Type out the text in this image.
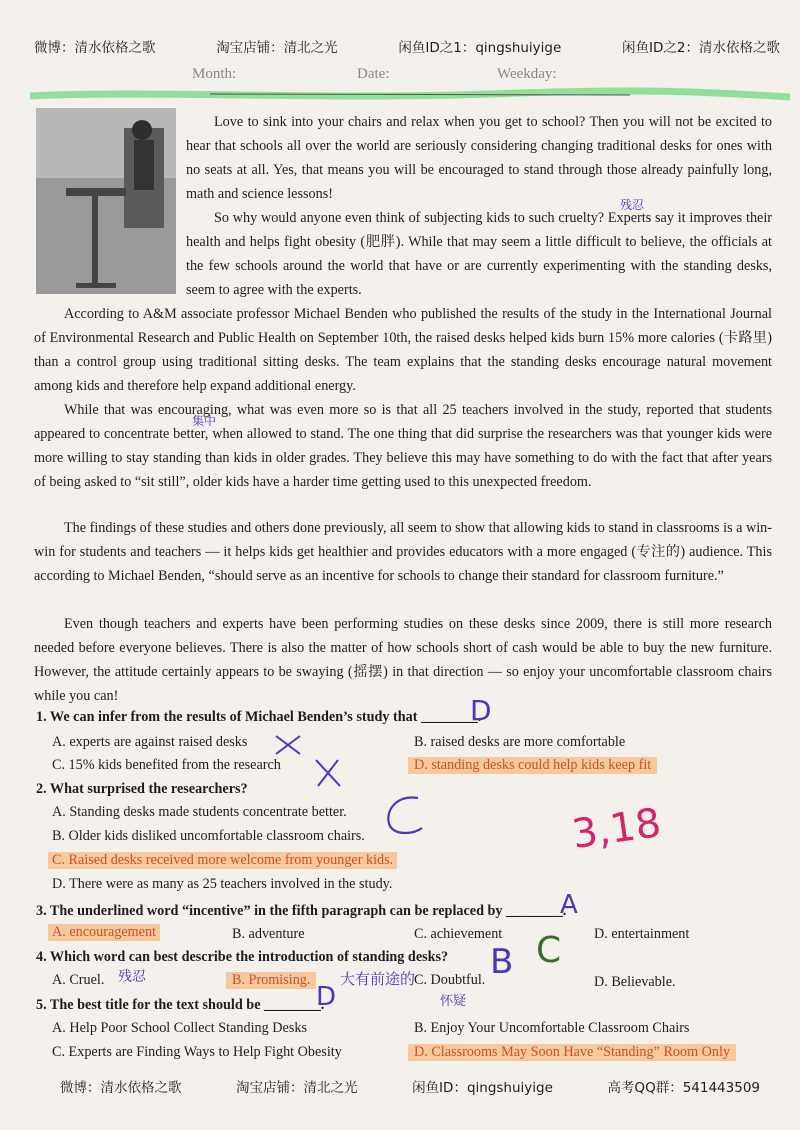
微博：清水依格之歌	淘宝店铺：清北之光	闲鱼ID之1：qingshuiyige	闲鱼ID之2：清水依格之歌
Month:	Date:	Weekday:
Love to sink into your chairs and relax when you get to school? Then you will not be excited to hear that schools all over the world are seriously considering changing traditional desks for ones with no seats at all. Yes, that means you will be encouraged to stand through those already painfully long, math and science lessons!
So why would anyone even think of subjecting kids to such cruelty? Experts say it improves their health and helps fight obesity (肥胖). While that may seem a little difficult to believe, the officials at the few schools around the world that have or are currently experimenting with the standing desks, seem to agree with the experts.
According to A&M associate professor Michael Benden who published the results of the study in the International Journal of Environmental Research and Public Health on September 10th, the raised desks helped kids burn 15% more calories (卡路里) than a control group using traditional sitting desks. The team explains that the standing desks encourage natural movement among kids and therefore help expand additional energy.
While that was encouraging, what was even more so is that all 25 teachers involved in the study, reported that students appeared to concentrate better, when allowed to stand. The one thing that did surprise the researchers was that younger kids were more willing to stay standing than kids in older grades. They believe this may have something to do with the fact that after years of being asked to “sit still”, older kids have a harder time getting used to this unexpected freedom.
The findings of these studies and others done previously, all seem to show that allowing kids to stand in classrooms is a win-win for students and teachers — it helps kids get healthier and provides educators with a more engaged (专注的) audience. This according to Michael Benden, “should serve as an incentive for schools to change their standard for classroom furniture.”
Even though teachers and experts have been performing studies on these desks since 2009, there is still more research needed before everyone believes. There is also the matter of how schools short of cash would be able to buy the new furniture. However, the attitude certainly appears to be swaying (摇摆) in that direction — so enjoy your uncomfortable classroom chairs while you can!
1. We can infer from the results of Michael Benden’s study that ________.
A. experts are against raised desks	B. raised desks are more comfortable
C. 15% kids benefited from the research	D. standing desks could help kids keep fit
2. What surprised the researchers?
A. Standing desks made students concentrate better.
B. Older kids disliked uncomfortable classroom chairs.
C. Raised desks received more welcome from younger kids.
D. There were as many as 25 teachers involved in the study.
3. The underlined word “incentive” in the fifth paragraph can be replaced by ________.
A. encouragement	B. adventure	C. achievement	D. entertainment
4. Which word can best describe the introduction of standing desks?
A. Cruel.	B. Promising.	C. Doubtful.	D. Believable.
5. The best title for the text should be ________.
A. Help Poor School Collect Standing Desks	B. Enjoy Your Uncomfortable Classroom Chairs
C. Experts are Finding Ways to Help Fight Obesity	D. Classrooms May Soon Have “Standing” Room Only
D
A
B C
D
残忍
集中
残忍	大有前途的
怀疑
3,18
微博：清水依格之歌	淘宝店铺：清北之光	闲鱼ID：qingshuiyige	高考QQ群：541443509
